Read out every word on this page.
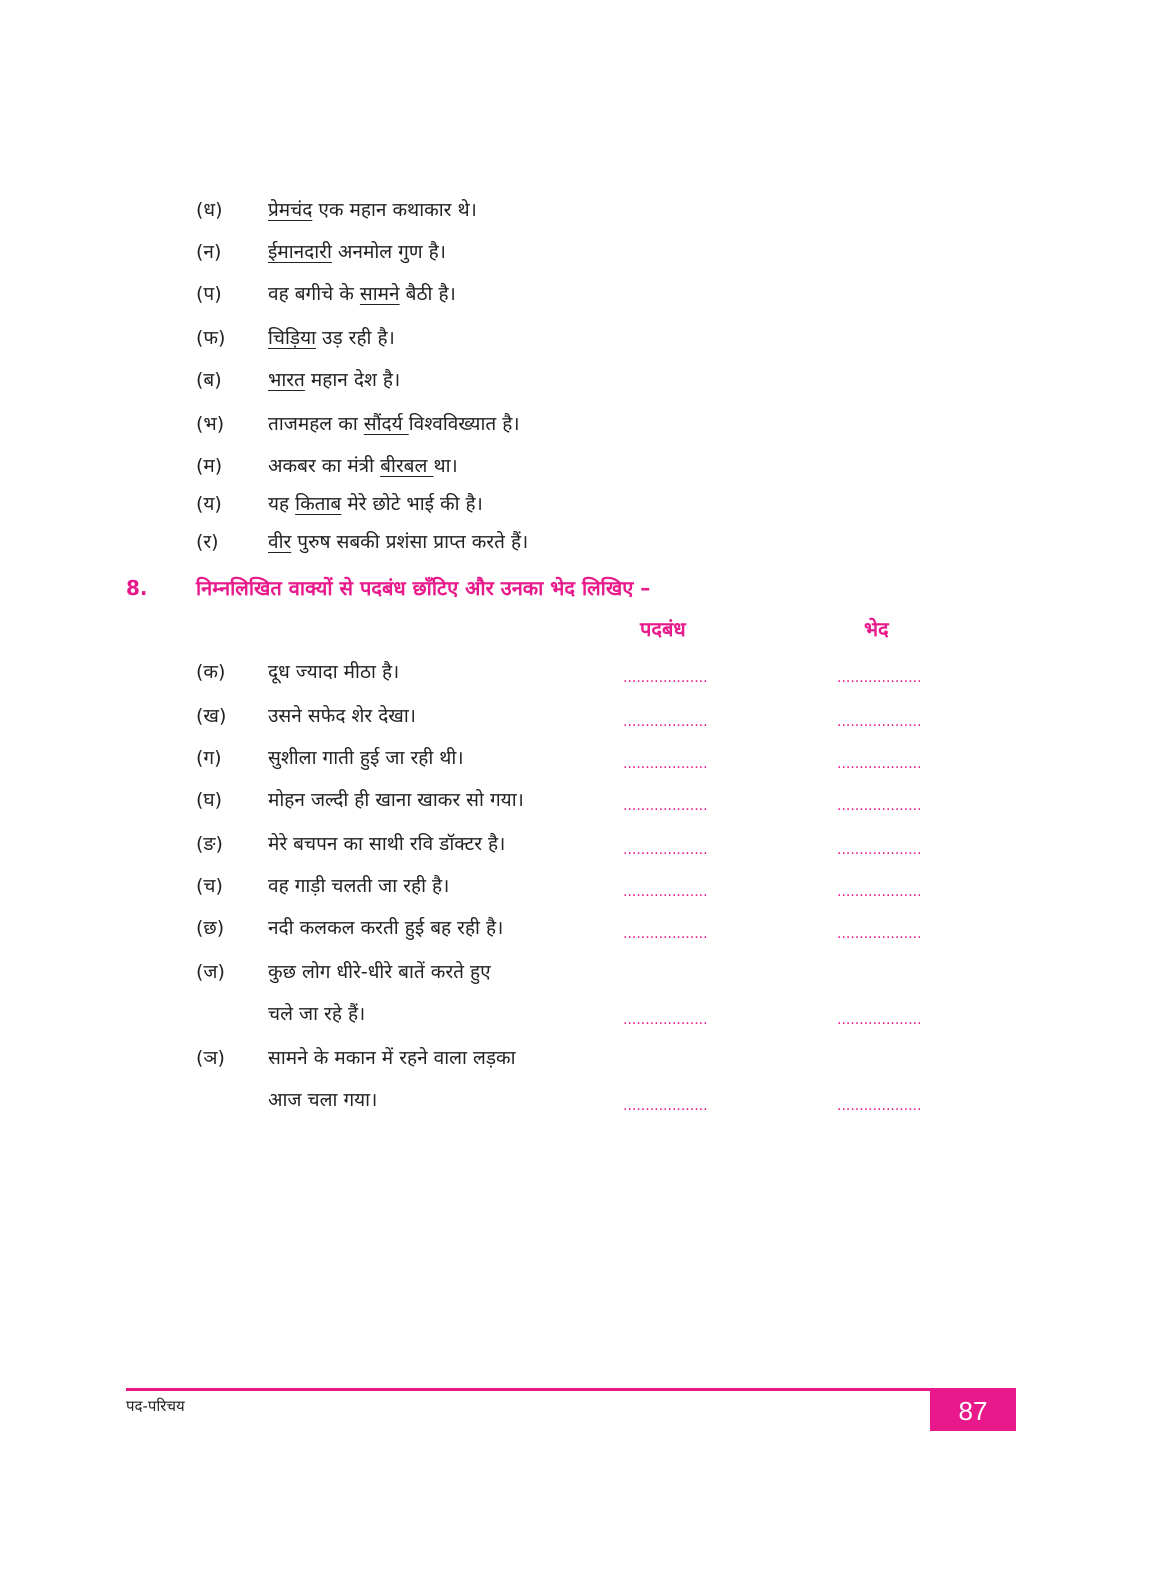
(ध) प्रेमचंद एक महान कथाकार थे।
(न) ईमानदारी अनमोल गुण है।
(प) वह बगीचे के सामने बैठी है।
(फ) चिड़िया उड़ रही है।
(ब) भारत महान देश है।
(भ) ताजमहल का सौंदर्य विश्वविख्यात है।
(म) अकबर का मंत्री बीरबल था।
(य) यह किताब मेरे छोटे भाई की है।
(र)	वीर पुरुष सबकी प्रशंसा प्राप्त करते हैं।
8. निम्नलिखित वाक्यों से पदबंध छाँटिए और उनका भेद लिखिए –
पदबंध	भेद
(क) दूध ज्यादा मीठा है।	...................	...................
(ख) उसने सफेद शेर देखा।	...................	...................
(ग) सुशीला गाती हुई जा रही थी।	...................	...................
(घ) मोहन जल्दी ही खाना खाकर सो गया।	...................	...................
(ङ) मेरे बचपन का साथी रवि डॉक्टर है।	...................	...................
(च) वह गाड़ी चलती जा रही है।	...................	...................
(छ) नदी कलकल करती हुई बह रही है।	...................	...................
(ज) कुछ लोग धीरे-धीरे बातें करते हुए
चले जा रहे हैं।	...................	...................
(ञ) सामने के मकान में रहने वाला लड़का
आज चला गया।	...................	...................
पद-परिचय	87
